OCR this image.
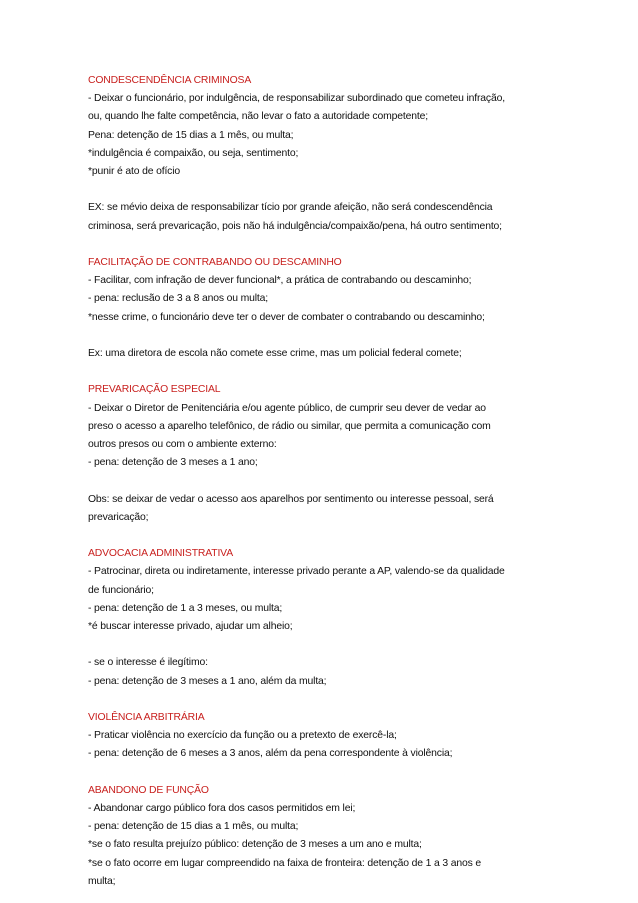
CONDESCENDÊNCIA CRIMINOSA

- Deixar o funcionário, por indulgência, de responsabilizar subordinado que cometeu infração,

ou, quando lhe falte competência, não levar o fato a autoridade competente;

Pena: detenção de 15 dias a 1 mês, ou multa;

*indulgência é compaixão, ou seja, sentimento;

*punir é ato de ofício

EX: se mévio deixa de responsabilizar tício por grande afeição, não será condescendência

criminosa, será prevaricação, pois não há indulgência/compaixão/pena, há outro sentimento;

FACILITAÇÃO DE CONTRABANDO OU DESCAMINHO

- Facilitar, com infração de dever funcional*, a prática de contrabando ou descaminho;

- pena: reclusão de 3 a 8 anos ou multa;

*nesse crime, o funcionário deve ter o dever de combater o contrabando ou descaminho;

Ex: uma diretora de escola não comete esse crime, mas um policial federal comete;

PREVARICAÇÃO ESPECIAL

- Deixar o Diretor de Penitenciária e/ou agente público, de cumprir seu dever de vedar ao

preso o acesso a aparelho telefônico, de rádio ou similar, que permita a comunicação com

outros presos ou com o ambiente externo:

- pena: detenção de 3 meses a 1 ano;

Obs: se deixar de vedar o acesso aos aparelhos por sentimento ou interesse pessoal, será

prevaricação;

ADVOCACIA ADMINISTRATIVA

- Patrocinar, direta ou indiretamente, interesse privado perante a AP, valendo-se da qualidade

de funcionário;

- pena: detenção de 1 a 3 meses, ou multa;

*é buscar interesse privado, ajudar um alheio;

- se o interesse é ilegítimo:

- pena: detenção de 3 meses a 1 ano, além da multa;

VIOLÊNCIA ARBITRÁRIA

- Praticar violência no exercício da função ou a pretexto de exercê-la;

- pena: detenção de 6 meses a 3 anos, além da pena correspondente à violência;

ABANDONO DE FUNÇÃO

- Abandonar cargo público fora dos casos permitidos em lei;

- pena: detenção de 15 dias a 1 mês, ou multa;

*se o fato resulta prejuízo público: detenção de 3 meses a um ano e multa;

*se o fato ocorre em lugar compreendido na faixa de fronteira: detenção de 1 a 3 anos e

multa;
